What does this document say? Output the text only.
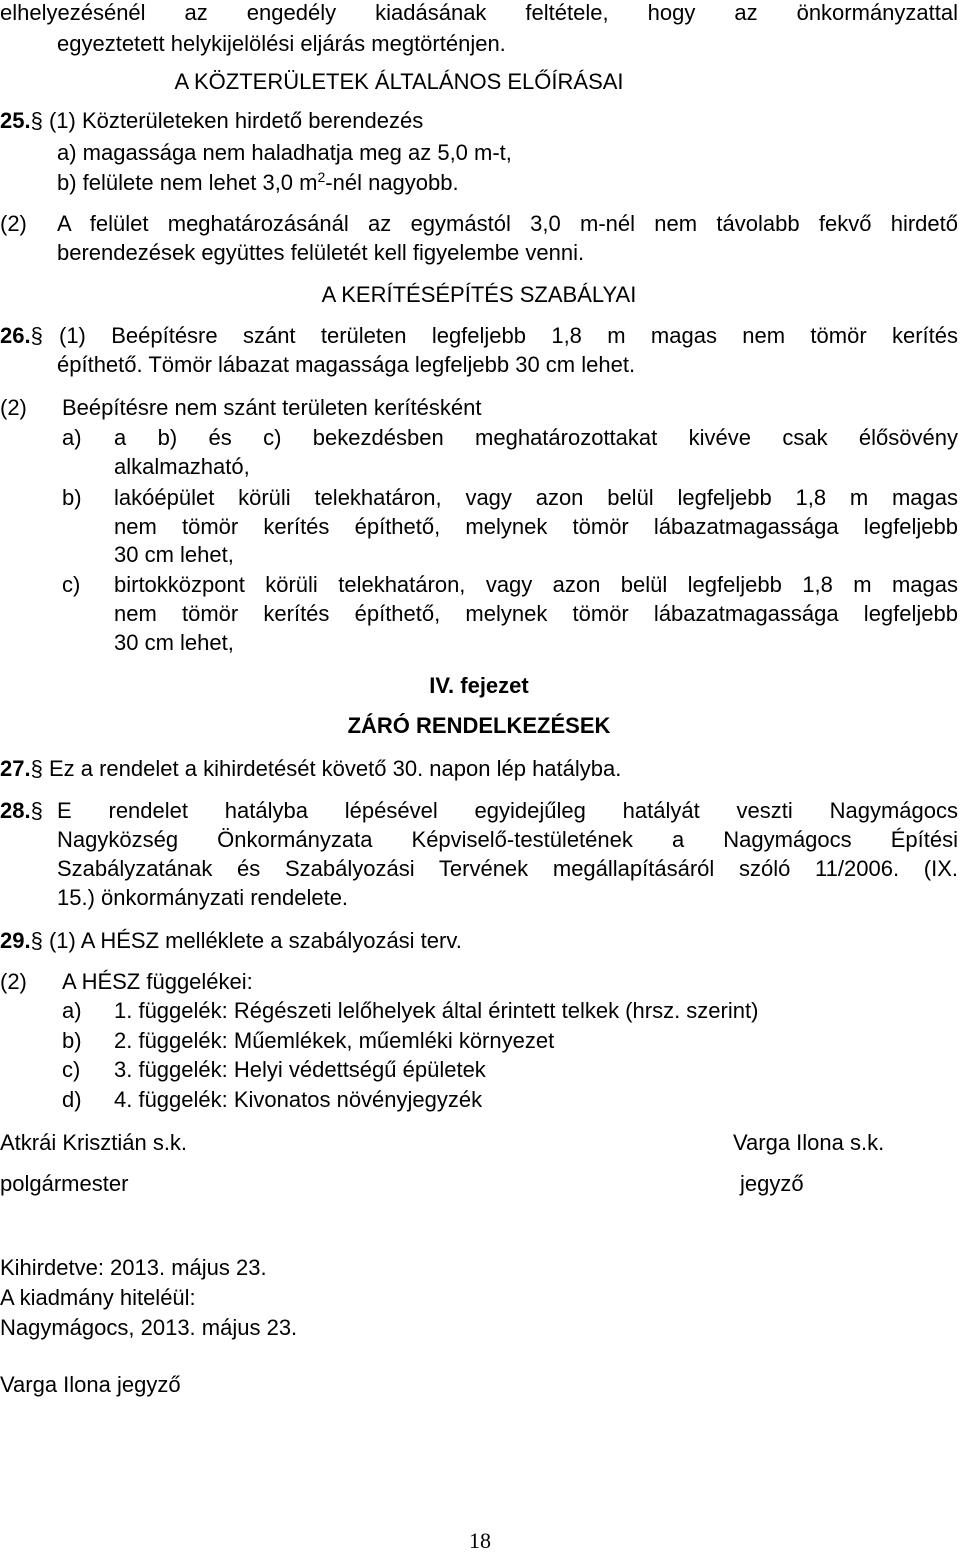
elhelyezésénél az engedély kiadásának feltétele, hogy az önkormányzattal
egyeztetett helykijelölési eljárás megtörténjen.
A KÖZTERÜLETEK ÁLTALÁNOS ELŐÍRÁSAI
25.§ (1) Közterületeken hirdető berendezés
a) magassága nem haladhatja meg az 5,0 m-t,
b) felülete nem lehet 3,0 $m^2$-nél nagyobb.
(2) A felület meghatározásánál az egymástól 3,0 m-nél nem távolabb fekvő hirdető
berendezések együttes felületét kell figyelembe venni.
A KERÍTÉSÉPÍTÉS SZABÁLYAI
26.§ (1) Beépítésre szánt területen legfeljebb 1,8 m magas nem tömör kerítés
építhető. Tömör lábazat magassága legfeljebb 30 cm lehet.
(2) Beépítésre nem szánt területen kerítésként
a) a b) és c) bekezdésben meghatározottakat kivéve csak élősövény
alkalmazható,
b) lakóépület körüli telekhatáron, vagy azon belül legfeljebb 1,8 m magas
nem tömör kerítés építhető, melynek tömör lábazatmagassága legfeljebb
30 cm lehet,
c) birtokközpont körüli telekhatáron, vagy azon belül legfeljebb 1,8 m magas
nem tömör kerítés építhető, melynek tömör lábazatmagassága legfeljebb
30 cm lehet,
IV. fejezet
ZÁRÓ RENDELKEZÉSEK
27.§ Ez a rendelet a kihirdetését követő 30. napon lép hatályba.
28.§ E rendelet hatályba lépésével egyidejűleg hatályát veszti Nagymágocs
Nagyközség Önkormányzata Képviselő-testületének a Nagymágocs Építési
Szabályzatának és Szabályozási Tervének megállapításáról szóló 11/2006. (IX.
15.) önkormányzati rendelete.
29.§ (1) A HÉSZ melléklete a szabályozási terv.
(2) A HÉSZ függelékei:
a) 1. függelék: Régészeti lelőhelyek által érintett telkek (hrsz. szerint)
b) 2. függelék: Műemlékek, műemléki környezet
c) 3. függelék: Helyi védettségű épületek
d) 4. függelék: Kivonatos növényjegyzék
Atkrái Krisztián s.k.	Varga Ilona s.k.
polgármester	jegyző
Kihirdetve: 2013. május 23.
A kiadmány hiteléül:
Nagymágocs, 2013. május 23.
Varga Ilona jegyző
18
